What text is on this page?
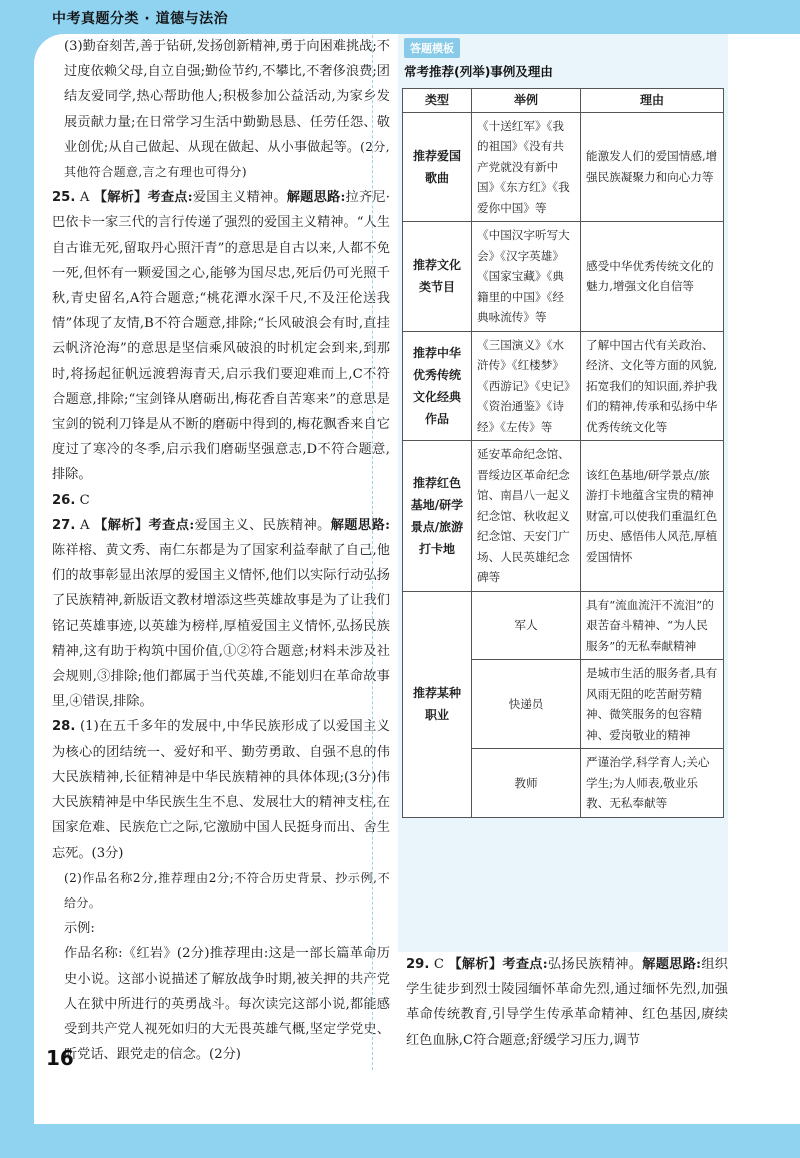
中考真题分类 · 道德与法治

(3)勤奋刻苦,善于钻研,发扬创新精神,勇于向困难挑战;不过度依赖父母,自立自强;勤俭节约,不攀比,不奢侈浪费;团结友爱同学,热心帮助他人;积极参加公益活动,为家乡发展贡献力量;在日常学习生活中勤勤恳恳、任劳任怨、敬业创优;从自己做起、从现在做起、从小事做起等。(2分,其他符合题意,言之有理也可得分)

25. A 【解析】考查点:爱国主义精神。解题思路:拉齐尼·巴依卡一家三代的言行传递了强烈的爱国主义精神。“人生自古谁无死,留取丹心照汗青”的意思是自古以来,人都不免一死,但怀有一颗爱国之心,能够为国尽忠,死后仍可光照千秋,青史留名,A符合题意;“桃花潭水深千尺,不及汪伦送我情”体现了友情,B不符合题意,排除;“长风破浪会有时,直挂云帆济沧海”的意思是坚信乘风破浪的时机定会到来,到那时,将扬起征帆远渡碧海青天,启示我们要迎难而上,C不符合题意,排除;“宝剑锋从磨砺出,梅花香自苦寒来”的意思是宝剑的锐利刀锋是从不断的磨砺中得到的,梅花飘香来自它度过了寒冷的冬季,启示我们磨砺坚强意志,D不符合题意,排除。

26. C

27. A 【解析】考查点:爱国主义、民族精神。解题思路:陈祥榕、黄文秀、南仁东都是为了国家利益奉献了自己,他们的故事彰显出浓厚的爱国主义情怀,他们以实际行动弘扬了民族精神,新版语文教材增添这些英雄故事是为了让我们铭记英雄事迹,以英雄为榜样,厚植爱国主义情怀,弘扬民族精神,这有助于构筑中国价值,①②符合题意;材料未涉及社会规则,③排除;他们都属于当代英雄,不能划归在革命故事里,④错误,排除。

28. (1)在五千多年的发展中,中华民族形成了以爱国主义为核心的团结统一、爱好和平、勤劳勇敢、自强不息的伟大民族精神,长征精神是中华民族精神的具体体现;(3分)伟大民族精神是中华民族生生不息、发展壮大的精神支柱,在国家危难、民族危亡之际,它激励中国人民挺身而出、舍生忘死。(3分)

(2)作品名称2分,推荐理由2分;不符合历史背景、抄示例,不给分。

示例:

作品名称:《红岩》(2分)推荐理由:这是一部长篇革命历史小说。这部小说描述了解放战争时期,被关押的共产党人在狱中所进行的英勇战斗。每次读完这部小说,都能感受到共产党人视死如归的大无畏英雄气概,坚定学党史、听党话、跟党走的信念。(2分)

答题模板
常考推荐(列举)事例及理由
类型	举例	理由
推荐爱国歌曲	《十送红军》《我的祖国》《没有共产党就没有新中国》《东方红》《我爱你中国》等	能激发人们的爱国情感,增强民族凝聚力和向心力等
推荐文化类节目	《中国汉字听写大会》《汉字英雄》《国家宝藏》《典籍里的中国》《经典咏流传》等	感受中华优秀传统文化的魅力,增强文化自信等
推荐中华优秀传统文化经典作品	《三国演义》《水浒传》《红楼梦》《西游记》《史记》《资治通鉴》《诗经》《左传》等	了解中国古代有关政治、经济、文化等方面的风貌,拓宽我们的知识面,养护我们的精神,传承和弘扬中华优秀传统文化等
推荐红色基地/研学景点/旅游打卡地	延安革命纪念馆、晋绥边区革命纪念馆、南昌八一起义纪念馆、秋收起义纪念馆、天安门广场、人民英雄纪念碑等	该红色基地/研学景点/旅游打卡地蕴含宝贵的精神财富,可以使我们重温红色历史、感悟伟人风范,厚植爱国情怀
推荐某种职业	军人	具有“流血流汗不流泪”的艰苦奋斗精神、“为人民服务”的无私奉献精神
	快递员	是城市生活的服务者,具有风雨无阻的吃苦耐劳精神、微笑服务的包容精神、爱岗敬业的精神
	教师	严谨治学,科学育人;关心学生;为人师表,敬业乐教、无私奉献等

29. C 【解析】考查点:弘扬民族精神。解题思路:组织学生徒步到烈士陵园缅怀革命先烈,通过缅怀先烈,加强革命传统教育,引导学生传承革命精神、红色基因,赓续红色血脉,C符合题意;舒缓学习压力,调节

16
